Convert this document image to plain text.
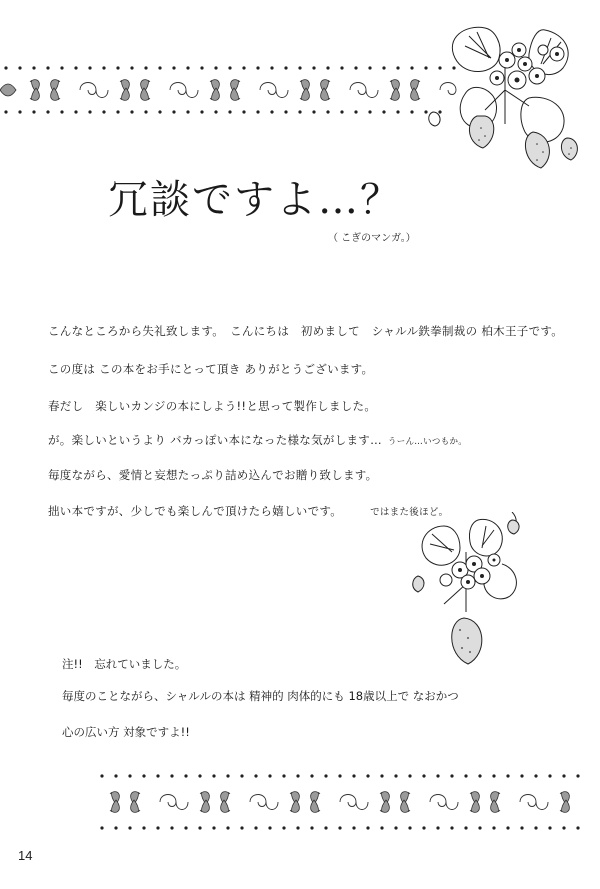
冗談ですよ…？
（ こぎのマンガ。）
こんなところから失礼致します。　こんにちは　初めまして　シャルル鉄拳制裁の 柏木王子です。
この度は この本をお手にとって頂き ありがとうございます。
春だし　楽しいカンジの本にしよう!!と思って製作しました。
が。楽しいというより バカっぽい本になった様な気がします… うーん…いつもか。
毎度ながら、愛情と妄想たっぷり詰め込んでお贈り致します。
拙い本ですが、少しでも楽しんで頂けたら嬉しいです。	ではまた後ほど。
注!!　忘れていました。
毎度のことながら、シャルルの本は 精神的 肉体的にも 18歳以上で なおかつ
心の広い方 対象ですよ!!
14
